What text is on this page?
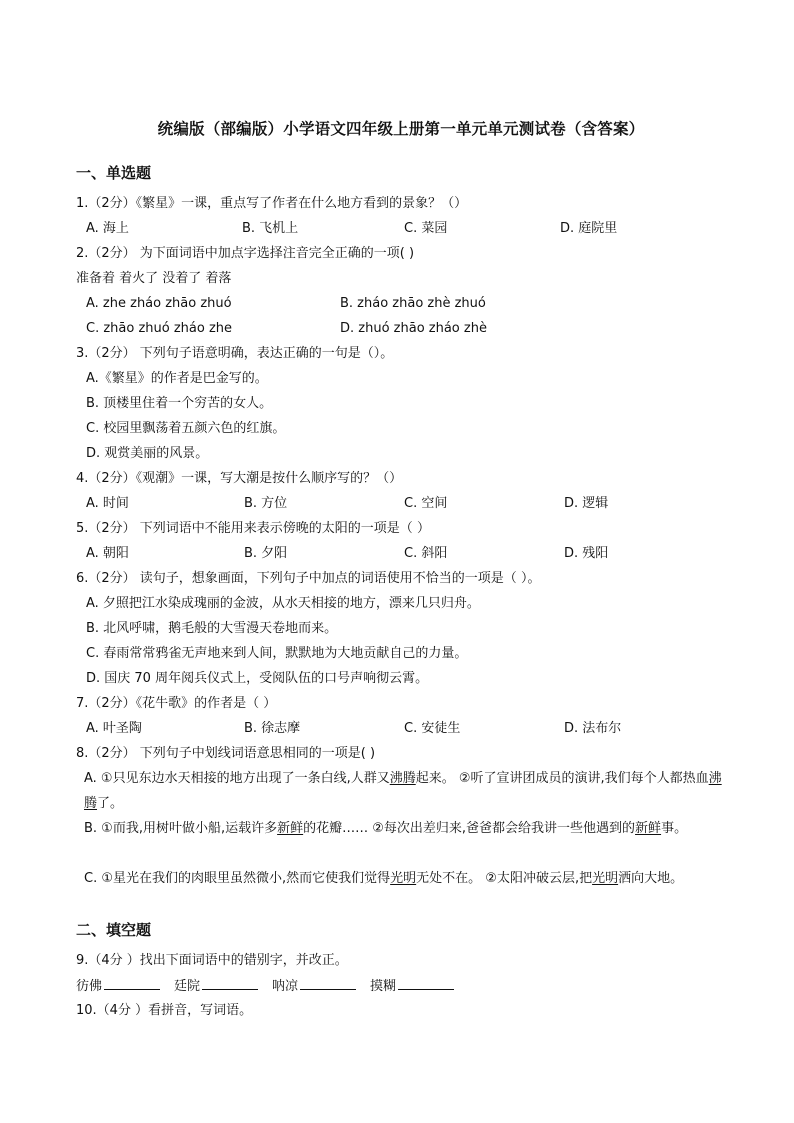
统编版（部编版）小学语文四年级上册第一单元单元测试卷（含答案）
一、单选题
1.（2分）《繁星》一课，重点写了作者在什么地方看到的景象？（）
A. 海上	B. 飞机上	C. 菜园	D. 庭院里
2.（2分） 为下面词语中加点字选择注音完全正确的一项( )
准备着 着火了 没着了 着落
A. zhe zháo zhāo zhuó	B. zháo zhāo zhè zhuó
C. zhāo zhuó zháo zhe	D. zhuó zhāo zháo zhè
3.（2分） 下列句子语意明确，表达正确的一句是（）。
A.《繁星》的作者是巴金写的。
B. 顶楼里住着一个穷苦的女人。
C. 校园里飘荡着五颜六色的红旗。
D. 观赏美丽的风景。
4.（2分）《观潮》一课，写大潮是按什么顺序写的？（）
A. 时间	B. 方位	C. 空间	D. 逻辑
5.（2分） 下列词语中不能用来表示傍晚的太阳的一项是（ ）
A. 朝阳	B. 夕阳	C. 斜阳	D. 残阳
6.（2分） 读句子，想象画面，下列句子中加点的词语使用不恰当的一项是（ ）。
A. 夕照把江水染成瑰丽的金波，从水天相接的地方，漂来几只归舟。
B. 北风呼啸，鹅毛般的大雪漫天卷地而来。
C. 春雨常常鸦雀无声地来到人间，默默地为大地贡献自己的力量。
D. 国庆 70 周年阅兵仪式上，受阅队伍的口号声响彻云霄。
7.（2分）《花牛歌》的作者是（ ）
A. 叶圣陶	B. 徐志摩	C. 安徒生	D. 法布尔
8.（2分） 下列句子中划线词语意思相同的一项是( )
A. ①只见东边水天相接的地方出现了一条白线,人群又沸腾起来。 ②听了宣讲团成员的演讲,我们每个人都热血沸腾了。
B. ①而我,用树叶做小船,运载许多新鲜的花瓣…… ②每次出差归来,爸爸都会给我讲一些他遇到的新鲜事。
C. ①星光在我们的肉眼里虽然微小,然而它使我们觉得光明无处不在。 ②太阳冲破云层,把光明洒向大地。
二、填空题
9.（4分 ）找出下面词语中的错别字，并改正。
彷佛	廷院	呐凉	摸糊
10.（4分 ）看拼音，写词语。
